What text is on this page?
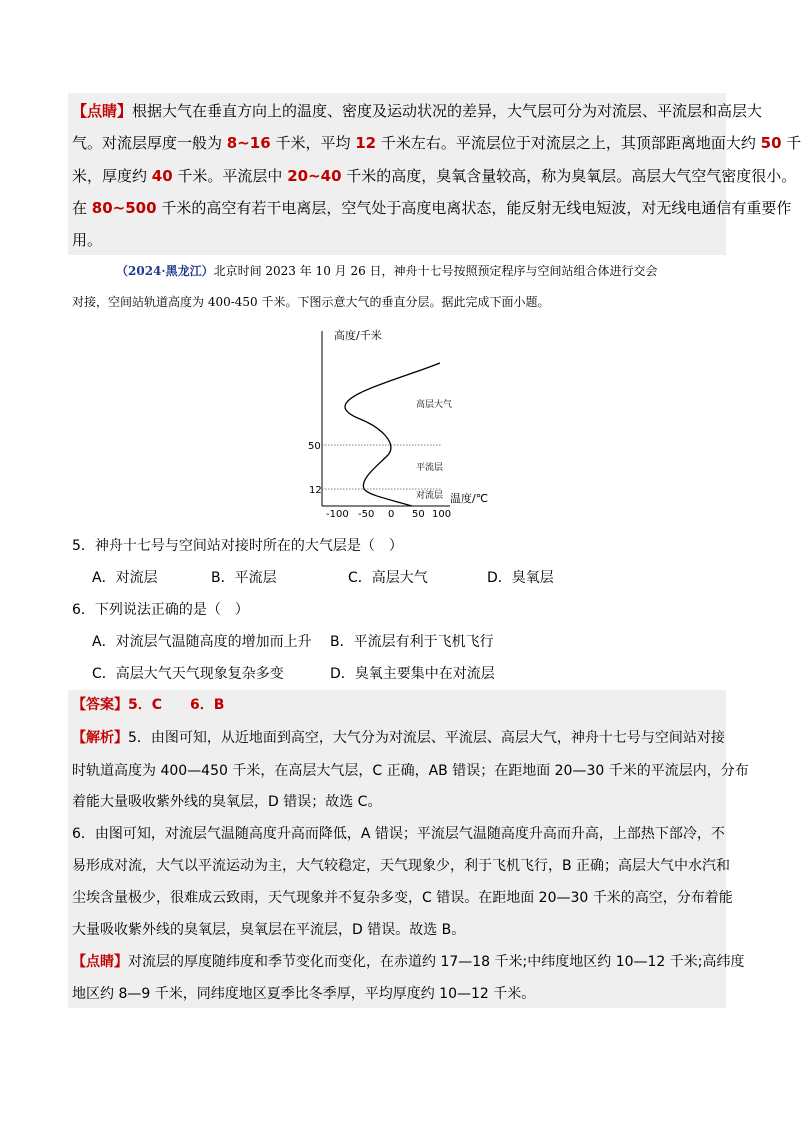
【点睛】根据大气在垂直方向上的温度、密度及运动状况的差异，大气层可分为对流层、平流层和高层大
气。对流层厚度一般为 8~16 千米，平均 12 千米左右。平流层位于对流层之上，其顶部距离地面大约 50 千
米，厚度约 40 千米。平流层中 20~40 千米的高度，臭氧含量较高，称为臭氧层。高层大气空气密度很小。
在 80~500 千米的高空有若干电离层，空气处于高度电离状态，能反射无线电短波，对无线电通信有重要作
用。
（2024·黑龙江）北京时间 2023 年 10 月 26 日，神舟十七号按照预定程序与空间站组合体进行交会
对接，空间站轨道高度为 400-450 千米。下图示意大气的垂直分层。据此完成下面小题。
高度/千米
温度/℃
50
12
高层大气
平流层
对流层
-100 -50 0 50 100
5．神舟十七号与空间站对接时所在的大气层是（　）
A．对流层	B．平流层	C．高层大气	D．臭氧层
6．下列说法正确的是（　）
A．对流层气温随高度的增加而上升 B．平流层有利于飞机飞行
C．高层大气天气现象复杂多变	D．臭氧主要集中在对流层
【答案】5．C　　6．B
【解析】5．由图可知，从近地面到高空，大气分为对流层、平流层、高层大气，神舟十七号与空间站对接
时轨道高度为 400—450 千米，在高层大气层，C 正确，AB 错误；在距地面 20—30 千米的平流层内，分布
着能大量吸收紫外线的臭氧层，D 错误；故选 C。
6．由图可知，对流层气温随高度升高而降低，A 错误；平流层气温随高度升高而升高，上部热下部冷，不
易形成对流，大气以平流运动为主，大气较稳定，天气现象少，利于飞机飞行，B 正确；高层大气中水汽和
尘埃含量极少，很难成云致雨，天气现象并不复杂多变，C 错误。在距地面 20—30 千米的高空，分布着能
大量吸收紫外线的臭氧层，臭氧层在平流层，D 错误。故选 B。
【点睛】对流层的厚度随纬度和季节变化而变化，在赤道约 17—18 千米;中纬度地区约 10—12 千米;高纬度
地区约 8—9 千米，同纬度地区夏季比冬季厚，平均厚度约 10—12 千米。
